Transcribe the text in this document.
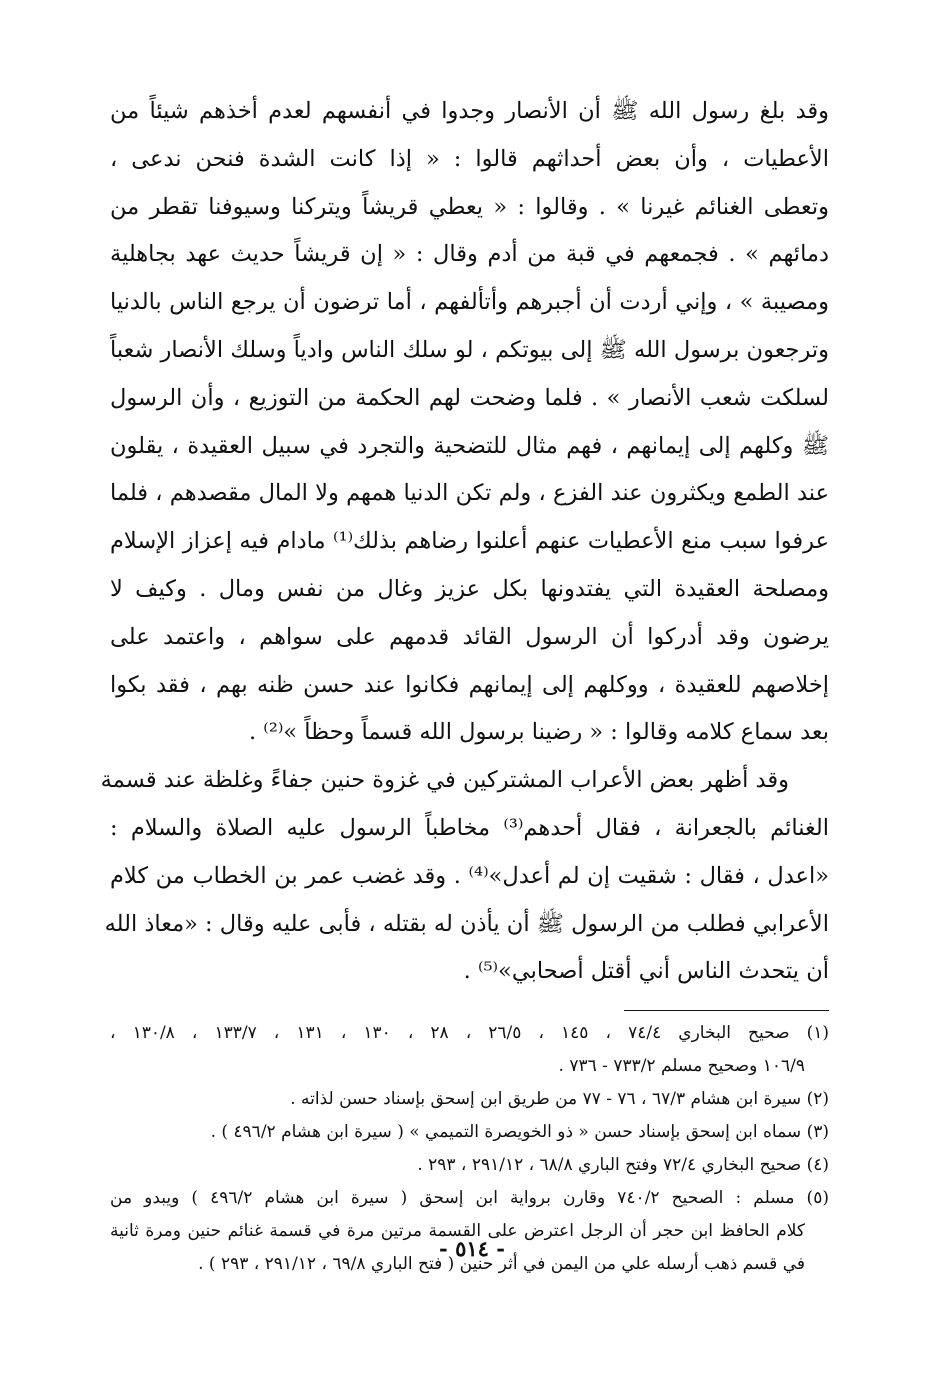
وقد بلغ رسول الله ﷺ أن الأنصار وجدوا في أنفسهم لعدم أخذهم شيئاً من
الأعطيات ، وأن بعض أحداثهم قالوا : « إذا كانت الشدة فنحن ندعى ،
وتعطى الغنائم غيرنا » . وقالوا : « يعطي قريشاً ويتركنا وسيوفنا تقطر من
دمائهم » . فجمعهم في قبة من أدم وقال : « إن قريشاً حديث عهد بجاهلية
ومصيبة » ، وإني أردت أن أجبرهم وأتألفهم ، أما ترضون أن يرجع الناس بالدنيا
وترجعون برسول الله ﷺ إلى بيوتكم ، لو سلك الناس وادياً وسلك الأنصار شعباً
لسلكت شعب الأنصار » . فلما وضحت لهم الحكمة من التوزيع ، وأن الرسول
ﷺ وكلهم إلى إيمانهم ، فهم مثال للتضحية والتجرد في سبيل العقيدة ، يقلون
عند الطمع ويكثرون عند الفزع ، ولم تكن الدنيا همهم ولا المال مقصدهم ، فلما
عرفوا سبب منع الأعطيات عنهم أعلنوا رضاهم بذلك⁽¹⁾ مادام فيه إعزاز الإسلام
ومصلحة العقيدة التي يفتدونها بكل عزيز وغال من نفس ومال . وكيف لا
يرضون وقد أدركوا أن الرسول القائد قدمهم على سواهم ، واعتمد على
إخلاصهم للعقيدة ، ووكلهم إلى إيمانهم فكانوا عند حسن ظنه بهم ، فقد بكوا
بعد سماع كلامه وقالوا : « رضينا برسول الله قسماً وحظاً »⁽²⁾ .
وقد أظهر بعض الأعراب المشتركين في غزوة حنين جفاءً وغلظة عند قسمة
الغنائم بالجعرانة ، فقال أحدهم⁽³⁾ مخاطباً الرسول عليه الصلاة والسلام :
«اعدل ، فقال : شقيت إن لم أعدل»⁽⁴⁾ . وقد غضب عمر بن الخطاب من كلام
الأعرابي فطلب من الرسول ﷺ أن يأذن له بقتله ، فأبى عليه وقال : «معاذ الله
أن يتحدث الناس أني أقتل أصحابي»⁽⁵⁾ .
(١) صحيح البخاري ٧٤/٤ ، ١٤٥ ، ٢٦/٥ ، ٢٨ ، ١٣٠ ، ١٣١ ، ١٣٣/٧ ، ١٣٠/٨ ،
١٠٦/٩ وصحيح مسلم ٧٣٣/٢ - ٧٣٦ .
(٢) سيرة ابن هشام ٦٧/٣ ، ٧٦ - ٧٧ من طريق ابن إسحق بإسناد حسن لذاته .
(٣) سماه ابن إسحق بإسناد حسن « ذو الخويصرة التميمي » ( سيرة ابن هشام ٤٩٦/٢ ) .
(٤) صحيح البخاري ٧٢/٤ وفتح الباري ٦٨/٨ ، ٢٩١/١٢ ، ٢٩٣ .
(٥) مسلم : الصحيح ٧٤٠/٢ وقارن برواية ابن إسحق ( سيرة ابن هشام ٤٩٦/٢ ) ويبدو من
كلام الحافظ ابن حجر أن الرجل اعترض على القسمة مرتين مرة في قسمة غنائم حنين ومرة ثانية
في قسم ذهب أرسله علي من اليمن في أثر حنين ( فتح الباري ٦٩/٨ ، ٢٩١/١٢ ، ٢٩٣ ) .
- ٥١٤ -
